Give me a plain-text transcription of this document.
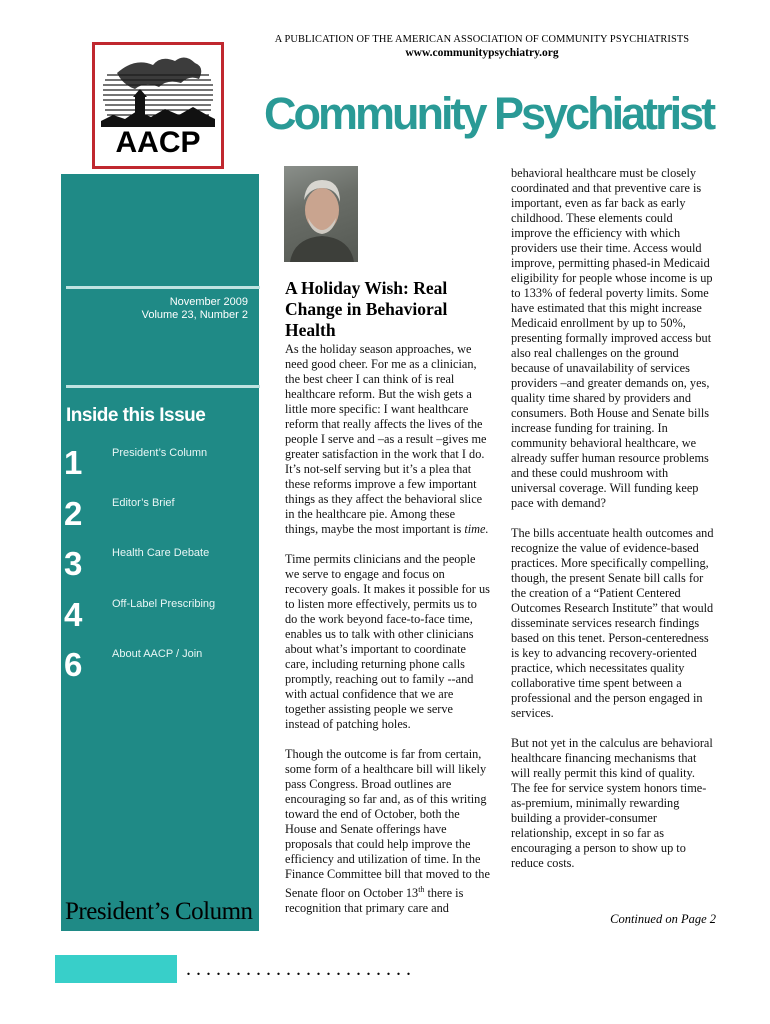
A PUBLICATION OF THE AMERICAN ASSOCIATION OF COMMUNITY PSYCHIATRISTS
www.communitypsychiatry.org
Community Psychiatrist
AACP
November 2009
Volume 23, Number 2
Inside this Issue
1	President’s Column
2	Editor’s Brief
3	Health Care Debate
4	Off-Label Prescribing
6	About AACP / Join
President’s Column
A Holiday Wish: Real Change in Behavioral Health

As the holiday season approaches, we need good cheer. For me as a clinician, the best cheer I can think of is real healthcare reform. But the wish gets a little more specific: I want healthcare reform that really affects the lives of the people I serve and –as a result –gives me greater satisfaction in the work that I do. It’s not-self serving but it’s a plea that these reforms improve a few important things as they affect the behavioral slice in the healthcare pie. Among these things, maybe the most important is time.

Time permits clinicians and the people we serve to engage and focus on recovery goals. It makes it possible for us to listen more effectively, permits us to do the work beyond face-to-face time, enables us to talk with other clinicians about what’s important to coordinate care, including returning phone calls promptly, reaching out to family --and with actual confidence that we are together assisting people we serve instead of patching holes.

Though the outcome is far from certain, some form of a healthcare bill will likely pass Congress. Broad outlines are encouraging so far and, as of this writing toward the end of October, both the House and Senate offerings have proposals that could help improve the efficiency and utilization of time. In the Finance Committee bill that moved to the Senate floor on October 13th there is recognition that primary care and

behavioral healthcare must be closely coordinated and that preventive care is important, even as far back as early childhood. These elements could improve the efficiency with which providers use their time. Access would improve, permitting phased-in Medicaid eligibility for people whose income is up to 133% of federal poverty limits. Some have estimated that this might increase Medicaid enrollment by up to 50%, presenting formally improved access but also real challenges on the ground because of unavailability of services providers –and greater demands on, yes, quality time shared by providers and consumers. Both House and Senate bills increase funding for training. In community behavioral healthcare, we already suffer human resource problems and these could mushroom with universal coverage. Will funding keep pace with demand?

The bills accentuate health outcomes and recognize the value of evidence-based practices. More specifically compelling, though, the present Senate bill calls for the creation of a “Patient Centered Outcomes Research Institute” that would disseminate services research findings based on this tenet. Person-centeredness is key to advancing recovery-oriented practice, which necessitates quality collaborative time spent between a professional and the person engaged in services.

But not yet in the calculus are behavioral healthcare financing mechanisms that will really permit this kind of quality. The fee for service system honors time-as-premium, minimally rewarding building a provider-consumer relationship, except in so far as encouraging a person to show up to reduce costs.

Continued on Page 2
. . . . . . . . . . . . . . . . . . . . . . .
